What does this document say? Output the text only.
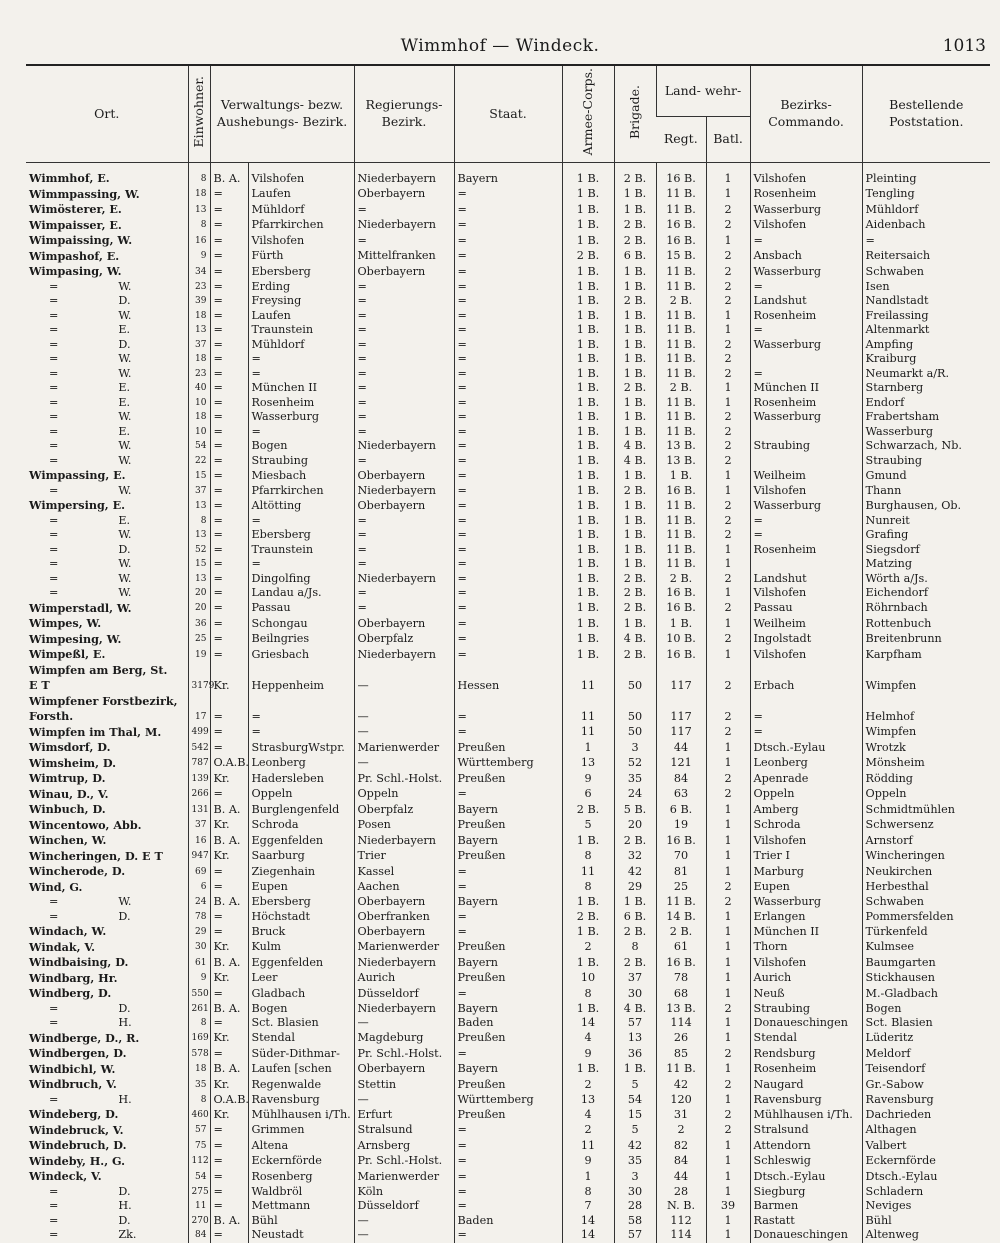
Wimmhof — Windeck.	1013
Ort.	Einwohner.	Verwaltungs- bezw. Aushebungs- Bezirk.		Regierungs- Bezirk.	Staat.	Armee-Corps.	Brigade.	Land- wehr-		Bezirks- Commando.	Bestellende Poststation.
								Regt.	Batl.		

Wimmhof, E.	8	B. A.	Vilshofen	Niederbayern	Bayern	1 B.	2 B.	16 B.	1	Vilshofen	Pleinting
Wimmpassing, W.	18	=	Laufen	Oberbayern	=	1 B.	1 B.	11 B.	1	Rosenheim	Tengling
Wimösterer, E.	13	=	Mühldorf	=	=	1 B.	1 B.	11 B.	2	Wasserburg	Mühldorf
Wimpaisser, E.	8	=	Pfarrkirchen	Niederbayern	=	1 B.	2 B.	16 B.	2	Vilshofen	Aidenbach
Wimpaissing, W.	16	=	Vilshofen	=	=	1 B.	2 B.	16 B.	1	=	=
Wimpashof, E.	9	=	Fürth	Mittelfranken	=	2 B.	6 B.	15 B.	2	Ansbach	Reitersaich
Wimpasing, W.	34	=	Ebersberg	Oberbayern	=	1 B.	1 B.	11 B.	2	Wasserburg	Schwaben
= W.	23	=	Erding	=	=	1 B.	1 B.	11 B.	2	=	Isen
= D.	39	=	Freysing	=	=	1 B.	2 B.	2 B.	2	Landshut	Nandlstadt
= W.	18	=	Laufen	=	=	1 B.	1 B.	11 B.	1	Rosenheim	Freilassing
= E.	13	=	Traunstein	=	=	1 B.	1 B.	11 B.	1	=	Altenmarkt
= D.	37	=	Mühldorf	=	=	1 B.	1 B.	11 B.	2	Wasserburg	Ampfing
= W.	18	=	=	=	=	1 B.	1 B.	11 B.	2		Kraiburg
= W.	23	=	=	=	=	1 B.	1 B.	11 B.	2	=	Neumarkt a/R.
= E.	40	=	München II	=	=	1 B.	2 B.	2 B.	1	München II	Starnberg
= E.	10	=	Rosenheim	=	=	1 B.	1 B.	11 B.	1	Rosenheim	Endorf
= W.	18	=	Wasserburg	=	=	1 B.	1 B.	11 B.	2	Wasserburg	Frabertsham
= E.	10	=	=	=	=	1 B.	1 B.	11 B.	2		Wasserburg
= W.	54	=	Bogen	Niederbayern	=	1 B.	4 B.	13 B.	2	Straubing	Schwarzach, Nb.
= W.	22	=	Straubing	=	=	1 B.	4 B.	13 B.	2		Straubing
Wimpassing, E.	15	=	Miesbach	Oberbayern	=	1 B.	1 B.	1 B.	1	Weilheim	Gmund
= W.	37	=	Pfarrkirchen	Niederbayern	=	1 B.	2 B.	16 B.	1	Vilshofen	Thann
Wimpersing, E.	13	=	Altötting	Oberbayern	=	1 B.	1 B.	11 B.	2	Wasserburg	Burghausen, Ob.
= E.	8	=	=	=	=	1 B.	1 B.	11 B.	2	=	Nunreit
= W.	13	=	Ebersberg	=	=	1 B.	1 B.	11 B.	2	=	Grafing
= D.	52	=	Traunstein	=	=	1 B.	1 B.	11 B.	1	Rosenheim	Siegsdorf
= W.	15	=	=	=	=	1 B.	1 B.	11 B.	1		Matzing
= W.	13	=	Dingolfing	Niederbayern	=	1 B.	2 B.	2 B.	2	Landshut	Wörth a/Js.
= W.	20	=	Landau a/Js.	=	=	1 B.	2 B.	16 B.	1	Vilshofen	Eichendorf
Wimperstadl, W.	20	=	Passau	=	=	1 B.	2 B.	16 B.	2	Passau	Röhrnbach
Wimpes, W.	36	=	Schongau	Oberbayern	=	1 B.	1 B.	1 B.	1	Weilheim	Rottenbuch
Wimpesing, W.	25	=	Beilngries	Oberpfalz	=	1 B.	4 B.	10 B.	2	Ingolstadt	Breitenbrunn
Wimpeßl, E.	19	=	Griesbach	Niederbayern	=	1 B.	2 B.	16 B.	1	Vilshofen	Karpfham
Wimpfen am Berg, St.											
E T	3179	Kr.	Heppenheim	—	Hessen	11	50	117	2	Erbach	Wimpfen
Wimpfener Forstbezirk,											
Forsth.	17	=	=	—	=	11	50	117	2	=	Helmhof
Wimpfen im Thal, M.	499	=	=	—	=	11	50	117	2	=	Wimpfen
Wimsdorf, D.	542	=	StrasburgWstpr.	Marienwerder	Preußen	1	3	44	1	Dtsch.-Eylau	Wrotzk
Wimsheim, D.	787	O.A.B.	Leonberg	—	Württemberg	13	52	121	1	Leonberg	Mönsheim
Wimtrup, D.	139	Kr.	Hadersleben	Pr. Schl.-Holst.	Preußen	9	35	84	2	Apenrade	Rödding
Winau, D., V.	266	=	Oppeln	Oppeln	=	6	24	63	2	Oppeln	Oppeln
Winbuch, D.	131	B. A.	Burglengenfeld	Oberpfalz	Bayern	2 B.	5 B.	6 B.	1	Amberg	Schmidtmühlen
Wincentowo, Abb.	37	Kr.	Schroda	Posen	Preußen	5	20	19	1	Schroda	Schwersenz
Winchen, W.	16	B. A.	Eggenfelden	Niederbayern	Bayern	1 B.	2 B.	16 B.	1	Vilshofen	Arnstorf
Wincheringen, D. E T	947	Kr.	Saarburg	Trier	Preußen	8	32	70	1	Trier I	Wincheringen
Wincherode, D.	69	=	Ziegenhain	Kassel	=	11	42	81	1	Marburg	Neukirchen
Wind, G.	6	=	Eupen	Aachen	=	8	29	25	2	Eupen	Herbesthal
= W.	24	B. A.	Ebersberg	Oberbayern	Bayern	1 B.	1 B.	11 B.	2	Wasserburg	Schwaben
= D.	78	=	Höchstadt	Oberfranken	=	2 B.	6 B.	14 B.	1	Erlangen	Pommersfelden
Windach, W.	29	=	Bruck	Oberbayern	=	1 B.	2 B.	2 B.	1	München II	Türkenfeld
Windak, V.	30	Kr.	Kulm	Marienwerder	Preußen	2	8	61	1	Thorn	Kulmsee
Windbaising, D.	61	B. A.	Eggenfelden	Niederbayern	Bayern	1 B.	2 B.	16 B.	1	Vilshofen	Baumgarten
Windbarg, Hr.	9	Kr.	Leer	Aurich	Preußen	10	37	78	1	Aurich	Stickhausen
Windberg, D.	550	=	Gladbach	Düsseldorf	=	8	30	68	1	Neuß	M.-Gladbach
= D.	261	B. A.	Bogen	Niederbayern	Bayern	1 B.	4 B.	13 B.	2	Straubing	Bogen
= H.	8	=	Sct. Blasien	—	Baden	14	57	114	1	Donaueschingen	Sct. Blasien
Windberge, D., R.	169	Kr.	Stendal	Magdeburg	Preußen	4	13	26	1	Stendal	Lüderitz
Windbergen, D.	578	=	Süder-Dithmar-	Pr. Schl.-Holst.	=	9	36	85	2	Rendsburg	Meldorf
Windbichl, W.	18	B. A.	Laufen [schen	Oberbayern	Bayern	1 B.	1 B.	11 B.	1	Rosenheim	Teisendorf
Windbruch, V.	35	Kr.	Regenwalde	Stettin	Preußen	2	5	42	2	Naugard	Gr.-Sabow
= H.	8	O.A.B.	Ravensburg	—	Württemberg	13	54	120	1	Ravensburg	Ravensburg
Windeberg, D.	460	Kr.	Mühlhausen i/Th.	Erfurt	Preußen	4	15	31	2	Mühlhausen i/Th.	Dachrieden
Windebruck, V.	57	=	Grimmen	Stralsund	=	2	5	2	2	Stralsund	Althagen
Windebruch, D.	75	=	Altena	Arnsberg	=	11	42	82	1	Attendorn	Valbert
Windeby, H., G.	112	=	Eckernförde	Pr. Schl.-Holst.	=	9	35	84	1	Schleswig	Eckernförde
Windeck, V.	54	=	Rosenberg	Marienwerder	=	1	3	44	1	Dtsch.-Eylau	Dtsch.-Eylau
= D.	275	=	Waldbröl	Köln	=	8	30	28	1	Siegburg	Schladern
= H.	11	=	Mettmann	Düsseldorf	=	7	28	N. B.	39	Barmen	Neviges
= D.	270	B. A.	Bühl	—	Baden	14	58	112	1	Rastatt	Bühl
= Zk.	84	=	Neustadt	—	=	14	57	114	1	Donaueschingen	Altenweg
